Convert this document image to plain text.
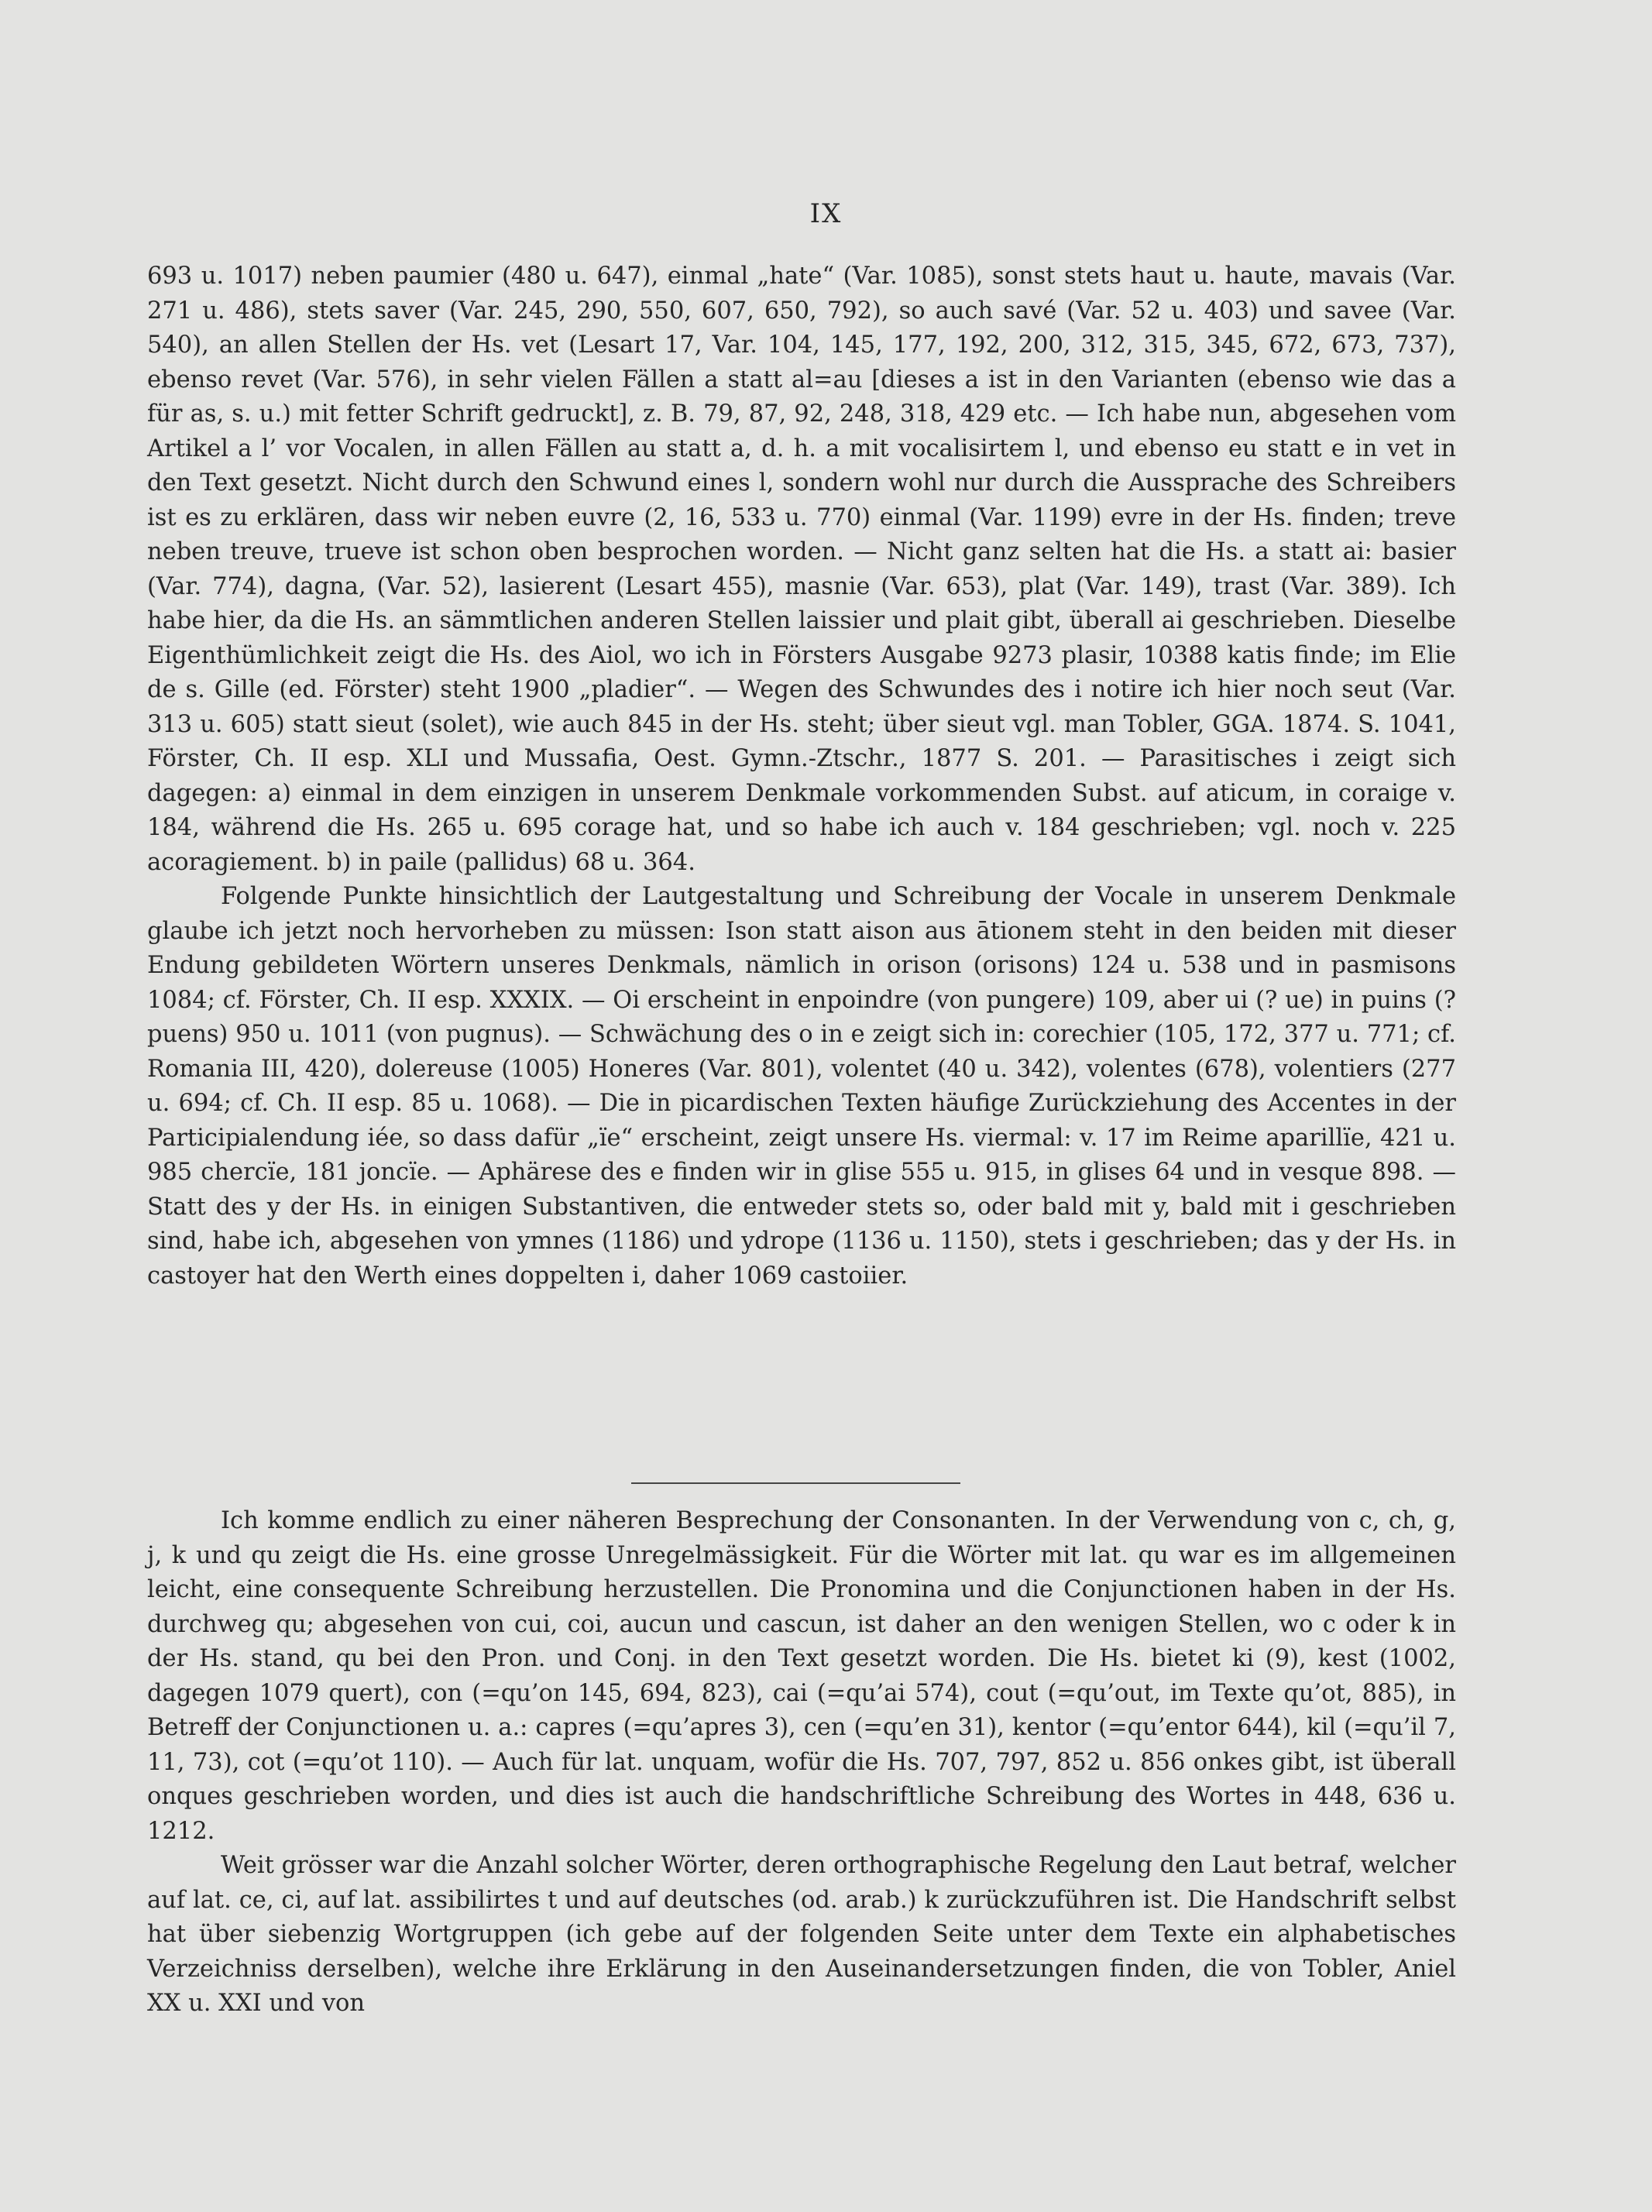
IX

693 u. 1017) neben paumier (480 u. 647), einmal „hate“ (Var. 1085), sonst stets haut u. haute, mavais (Var. 271 u. 486), stets saver (Var. 245, 290, 550, 607, 650, 792), so auch savé (Var. 52 u. 403) und savee (Var. 540), an allen Stellen der Hs. vet (Lesart 17, Var. 104, 145, 177, 192, 200, 312, 315, 345, 672, 673, 737), ebenso revet (Var. 576), in sehr vielen Fällen a statt al=au [dieses a ist in den Varianten (ebenso wie das a für as, s. u.) mit fetter Schrift gedruckt], z. B. 79, 87, 92, 248, 318, 429 etc. — Ich habe nun, abgesehen vom Artikel a l’ vor Vocalen, in allen Fällen au statt a, d. h. a mit vocalisirtem l, und ebenso eu statt e in vet in den Text gesetzt. Nicht durch den Schwund eines l, sondern wohl nur durch die Aussprache des Schreibers ist es zu erklären, dass wir neben euvre (2, 16, 533 u. 770) einmal (Var. 1199) evre in der Hs. finden; treve neben treuve, trueve ist schon oben besprochen worden. — Nicht ganz selten hat die Hs. a statt ai: basier (Var. 774), dagna, (Var. 52), lasierent (Lesart 455), masnie (Var. 653), plat (Var. 149), trast (Var. 389). Ich habe hier, da die Hs. an sämmtlichen anderen Stellen laissier und plait gibt, überall ai geschrieben. Dieselbe Eigenthümlichkeit zeigt die Hs. des Aiol, wo ich in Försters Ausgabe 9273 plasir, 10388 katis finde; im Elie de s. Gille (ed. Förster) steht 1900 „pladier“. — Wegen des Schwundes des i notire ich hier noch seut (Var. 313 u. 605) statt sieut (solet), wie auch 845 in der Hs. steht; über sieut vgl. man Tobler, GGA. 1874. S. 1041, Förster, Ch. II esp. XLI und Mussafia, Oest. Gymn.-Ztschr., 1877 S. 201. — Parasitisches i zeigt sich dagegen: a) einmal in dem einzigen in unserem Denkmale vorkommenden Subst. auf aticum, in coraige v. 184, während die Hs. 265 u. 695 corage hat, und so habe ich auch v. 184 geschrieben; vgl. noch v. 225 acoragiement. b) in paile (pallidus) 68 u. 364.

Folgende Punkte hinsichtlich der Lautgestaltung und Schreibung der Vocale in unserem Denkmale glaube ich jetzt noch hervorheben zu müssen: Ison statt aison aus ātionem steht in den beiden mit dieser Endung gebildeten Wörtern unseres Denkmals, nämlich in orison (orisons) 124 u. 538 und in pasmisons 1084; cf. Förster, Ch. II esp. XXXIX. — Oi erscheint in enpoindre (von pungere) 109, aber ui (? ue) in puins (? puens) 950 u. 1011 (von pugnus). — Schwächung des o in e zeigt sich in: corechier (105, 172, 377 u. 771; cf. Romania III, 420), dolereuse (1005) Honeres (Var. 801), volentet (40 u. 342), volentes (678), volentiers (277 u. 694; cf. Ch. II esp. 85 u. 1068). — Die in picardischen Texten häufige Zurückziehung des Accentes in der Participialendung iée, so dass dafür „ïe“ erscheint, zeigt unsere Hs. viermal: v. 17 im Reime aparillïe, 421 u. 985 chercïe, 181 joncïe. — Aphärese des e finden wir in glise 555 u. 915, in glises 64 und in vesque 898. — Statt des y der Hs. in einigen Substantiven, die entweder stets so, oder bald mit y, bald mit i geschrieben sind, habe ich, abgesehen von ymnes (1186) und ydrope (1136 u. 1150), stets i geschrieben; das y der Hs. in castoyer hat den Werth eines doppelten i, daher 1069 castoiier.

Ich komme endlich zu einer näheren Besprechung der Consonanten. In der Verwendung von c, ch, g, j, k und qu zeigt die Hs. eine grosse Unregelmässigkeit. Für die Wörter mit lat. qu war es im allgemeinen leicht, eine consequente Schreibung herzustellen. Die Pronomina und die Conjunctionen haben in der Hs. durchweg qu; abgesehen von cui, coi, aucun und cascun, ist daher an den wenigen Stellen, wo c oder k in der Hs. stand, qu bei den Pron. und Conj. in den Text gesetzt worden. Die Hs. bietet ki (9), kest (1002, dagegen 1079 quert), con (=qu’on 145, 694, 823), cai (=qu’ai 574), cout (=qu’out, im Texte qu’ot, 885), in Betreff der Conjunctionen u. a.: capres (=qu’apres 3), cen (=qu’en 31), kentor (=qu’entor 644), kil (=qu’il 7, 11, 73), cot (=qu’ot 110). — Auch für lat. unquam, wofür die Hs. 707, 797, 852 u. 856 onkes gibt, ist überall onques geschrieben worden, und dies ist auch die handschriftliche Schreibung des Wortes in 448, 636 u. 1212.

Weit grösser war die Anzahl solcher Wörter, deren orthographische Regelung den Laut betraf, welcher auf lat. ce, ci, auf lat. assibilirtes t und auf deutsches (od. arab.) k zurückzuführen ist. Die Handschrift selbst hat über siebenzig Wortgruppen (ich gebe auf der folgenden Seite unter dem Texte ein alphabetisches Verzeichniss derselben), welche ihre Erklärung in den Auseinandersetzungen finden, die von Tobler, Aniel XX u. XXI und von
